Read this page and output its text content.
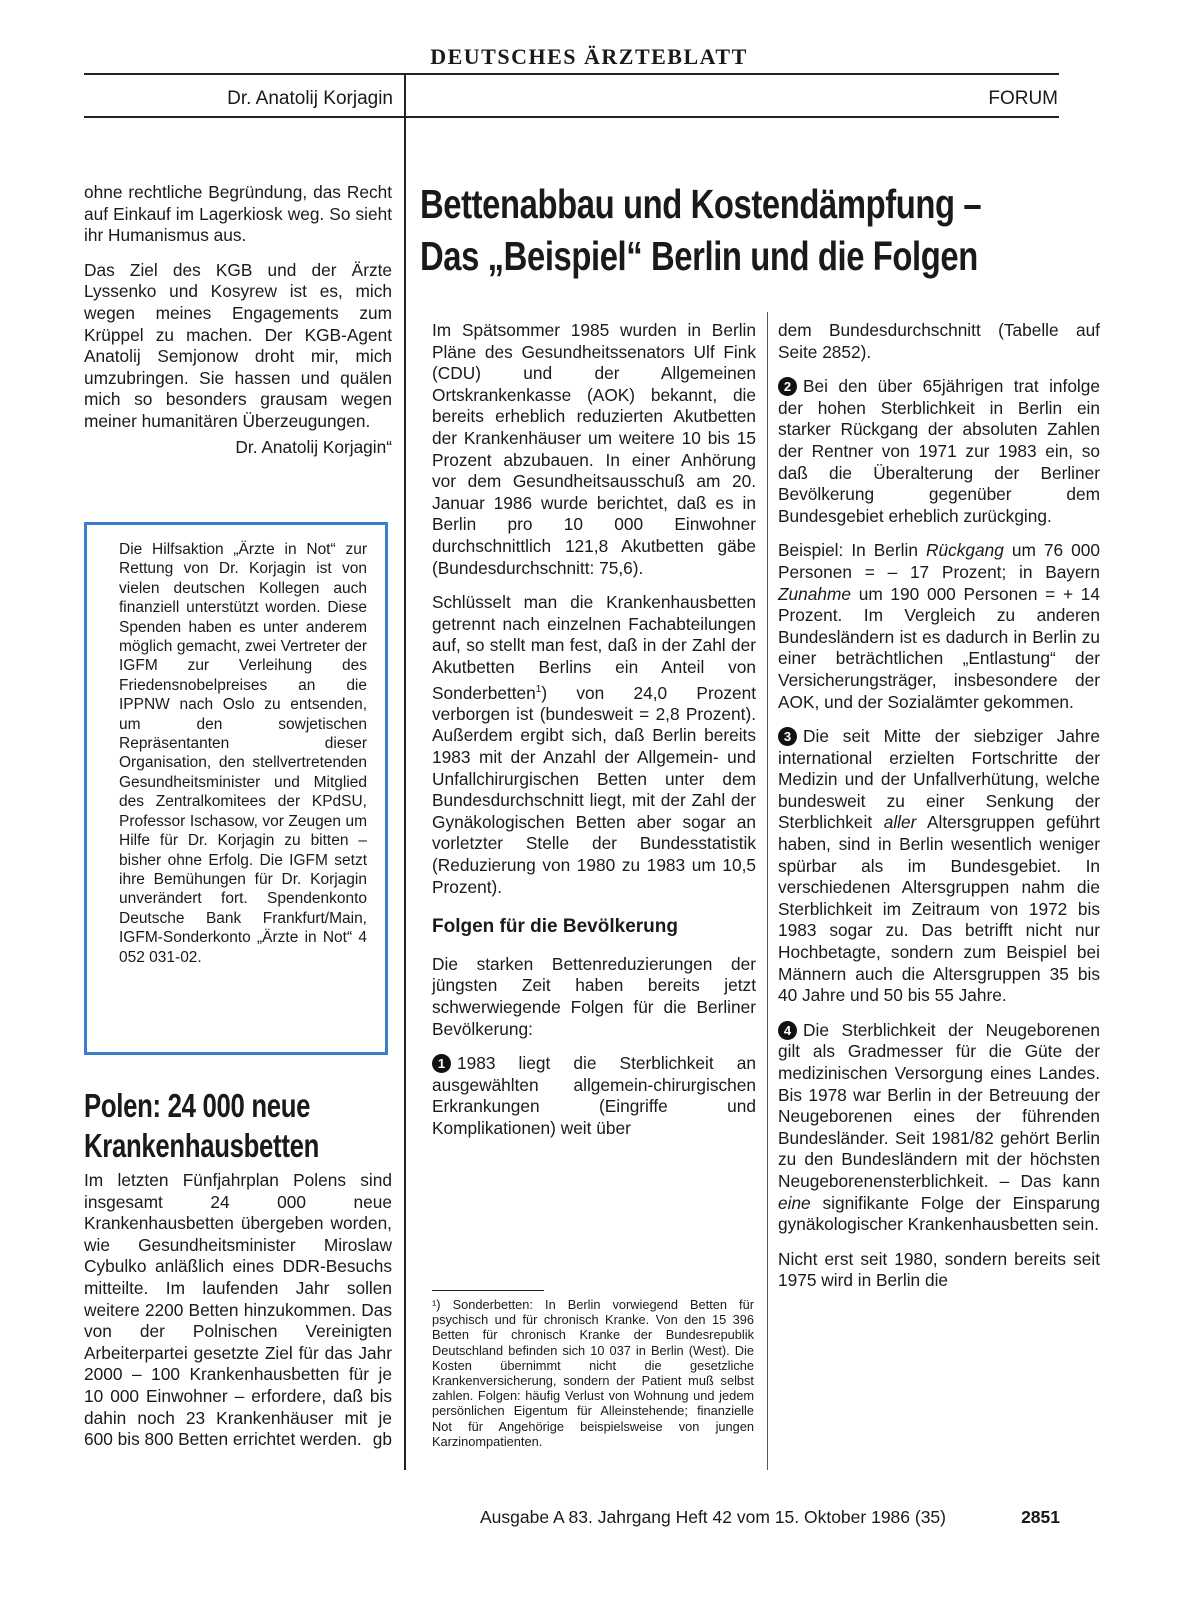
DEUTSCHES ÄRZTEBLATT
Dr. Anatolij Korjagin	FORUM

ohne rechtliche Begründung, das Recht auf Einkauf im Lagerkiosk weg. So sieht ihr Humanismus aus.

Das Ziel des KGB und der Ärzte Lyssenko und Kosyrew ist es, mich wegen meines Engagements zum Krüppel zu machen. Der KGB-Agent Anatolij Semjonow droht mir, mich umzubringen. Sie hassen und quälen mich so besonders grausam wegen meiner humanitären Überzeugungen.

Dr. Anatolij Korjagin“

Die Hilfsaktion „Ärzte in Not“ zur Rettung von Dr. Korjagin ist von vielen deutschen Kollegen auch finanziell unterstützt worden. Diese Spenden haben es unter anderem möglich gemacht, zwei Vertreter der IGFM zur Verleihung des Friedensnobelpreises an die IPPNW nach Oslo zu entsenden, um den sowjetischen Repräsentanten dieser Organisation, den stellvertretenden Gesundheitsminister und Mitglied des Zentralkomitees der KPdSU, Professor Ischasow, vor Zeugen um Hilfe für Dr. Korjagin zu bitten – bisher ohne Erfolg. Die IGFM setzt ihre Bemühungen für Dr. Korjagin unverändert fort. Spendenkonto Deutsche Bank Frankfurt/Main, IGFM-Sonderkonto „Ärzte in Not“ 4 052 031-02.

Polen: 24 000 neue
Krankenhausbetten

Im letzten Fünfjahrplan Polens sind insgesamt 24 000 neue Krankenhausbetten übergeben worden, wie Gesundheitsminister Miroslaw Cybulko anläßlich eines DDR-Besuchs mitteilte. Im laufenden Jahr sollen weitere 2200 Betten hinzukommen. Das von der Polnischen Vereinigten Arbeiterpartei gesetzte Ziel für das Jahr 2000 – 100 Krankenhausbetten für je 10 000 Einwohner – erfordere, daß bis dahin noch 23 Krankenhäuser mit je 600 bis 800 Betten errichtet werden. gb

Bettenabbau und Kostendämpfung –
Das „Beispiel“ Berlin und die Folgen

Im Spätsommer 1985 wurden in Berlin Pläne des Gesundheitssenators Ulf Fink (CDU) und der Allgemeinen Ortskrankenkasse (AOK) bekannt, die bereits erheblich reduzierten Akutbetten der Krankenhäuser um weitere 10 bis 15 Prozent abzubauen. In einer Anhörung vor dem Gesundheitsausschuß am 20. Januar 1986 wurde berichtet, daß es in Berlin pro 10 000 Einwohner durchschnittlich 121,8 Akutbetten gäbe (Bundesdurchschnitt: 75,6).

Schlüsselt man die Krankenhausbetten getrennt nach einzelnen Fachabteilungen auf, so stellt man fest, daß in der Zahl der Akutbetten Berlins ein Anteil von Sonderbetten$^1$) von 24,0 Prozent verborgen ist (bundesweit = 2,8 Prozent). Außerdem ergibt sich, daß Berlin bereits 1983 mit der Anzahl der Allgemein- und Unfallchirurgischen Betten unter dem Bundesdurchschnitt liegt, mit der Zahl der Gynäkologischen Betten aber sogar an vorletzter Stelle der Bundesstatistik (Reduzierung von 1980 zu 1983 um 10,5 Prozent).

Folgen für die Bevölkerung

Die starken Bettenreduzierungen der jüngsten Zeit haben bereits jetzt schwerwiegende Folgen für die Berliner Bevölkerung:

1 1983 liegt die Sterblichkeit an ausgewählten allgemein-chirurgischen Erkrankungen (Eingriffe und Komplikationen) weit über

¹) Sonderbetten: In Berlin vorwiegend Betten für psychisch und für chronisch Kranke. Von den 15 396 Betten für chronisch Kranke der Bundesrepublik Deutschland befinden sich 10 037 in Berlin (West). Die Kosten übernimmt nicht die gesetzliche Krankenversicherung, sondern der Patient muß selbst zahlen. Folgen: häufig Verlust von Wohnung und jedem persönlichen Eigentum für Alleinstehende; finanzielle Not für Angehörige beispielsweise von jungen Karzinompatienten.

dem Bundesdurchschnitt (Tabelle auf Seite 2852).

2 Bei den über 65jährigen trat infolge der hohen Sterblichkeit in Berlin ein starker Rückgang der absoluten Zahlen der Rentner von 1971 zur 1983 ein, so daß die Überalterung der Berliner Bevölkerung gegenüber dem Bundesgebiet erheblich zurückging.

Beispiel: In Berlin Rückgang um 76 000 Personen = – 17 Prozent; in Bayern Zunahme um 190 000 Personen = + 14 Prozent. Im Vergleich zu anderen Bundesländern ist es dadurch in Berlin zu einer beträchtlichen „Entlastung“ der Versicherungsträger, insbesondere der AOK, und der Sozialämter gekommen.

3 Die seit Mitte der siebziger Jahre international erzielten Fortschritte der Medizin und der Unfallverhütung, welche bundesweit zu einer Senkung der Sterblichkeit aller Altersgruppen geführt haben, sind in Berlin wesentlich weniger spürbar als im Bundesgebiet. In verschiedenen Altersgruppen nahm die Sterblichkeit im Zeitraum von 1972 bis 1983 sogar zu. Das betrifft nicht nur Hochbetagte, sondern zum Beispiel bei Männern auch die Altersgruppen 35 bis 40 Jahre und 50 bis 55 Jahre.

4 Die Sterblichkeit der Neugeborenen gilt als Gradmesser für die Güte der medizinischen Versorgung eines Landes. Bis 1978 war Berlin in der Betreuung der Neugeborenen eines der führenden Bundesländer. Seit 1981/82 gehört Berlin zu den Bundesländern mit der höchsten Neugeborenensterblichkeit. – Das kann eine signifikante Folge der Einsparung gynäkologischer Krankenhausbetten sein.

Nicht erst seit 1980, sondern bereits seit 1975 wird in Berlin die

Ausgabe A 83. Jahrgang Heft 42 vom 15. Oktober 1986 (35)	2851
